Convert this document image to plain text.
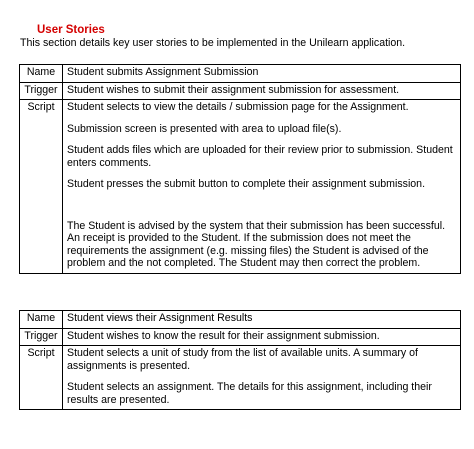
User Stories

This section details key user stories to be implemented in the Unilearn application.

Name	Student submits Assignment Submission

Trigger	Student wishes to submit their assignment submission for assessment.

Script	Student selects to view the details / submission page for the Assignment.

Submission screen is presented with area to upload file(s).

Student adds files which are uploaded for their review prior to submission. Student enters comments.

Student presses the submit button to complete their assignment submission.

The Student is advised by the system that their submission has been successful. An receipt is provided to the Student. If the submission does not meet the requirements the assignment (e.g. missing files) the Student is advised of the problem and the not completed. The Student may then correct the problem.

Name	Student views their Assignment Results

Trigger	Student wishes to know the result for their assignment submission.

Script	Student selects a unit of study from the list of available units. A summary of assignments is presented.

Student selects an assignment. The details for this assignment, including their results are presented.
